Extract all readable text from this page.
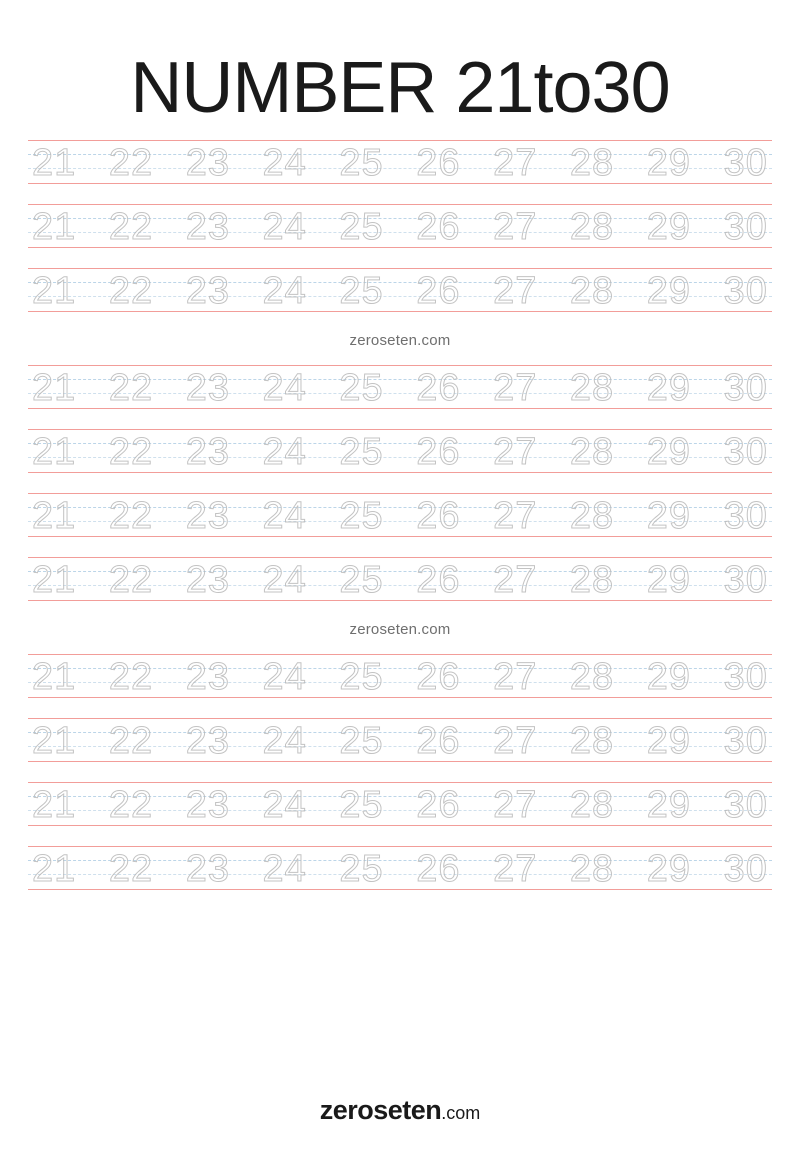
NUMBER 21to30
21 22 23 24 25 26 27 28 29 30
21 22 23 24 25 26 27 28 29 30
21 22 23 24 25 26 27 28 29 30
zeroseten.com
21 22 23 24 25 26 27 28 29 30
21 22 23 24 25 26 27 28 29 30
21 22 23 24 25 26 27 28 29 30
21 22 23 24 25 26 27 28 29 30
zeroseten.com
21 22 23 24 25 26 27 28 29 30
21 22 23 24 25 26 27 28 29 30
21 22 23 24 25 26 27 28 29 30
21 22 23 24 25 26 27 28 29 30
zeroseten.com
